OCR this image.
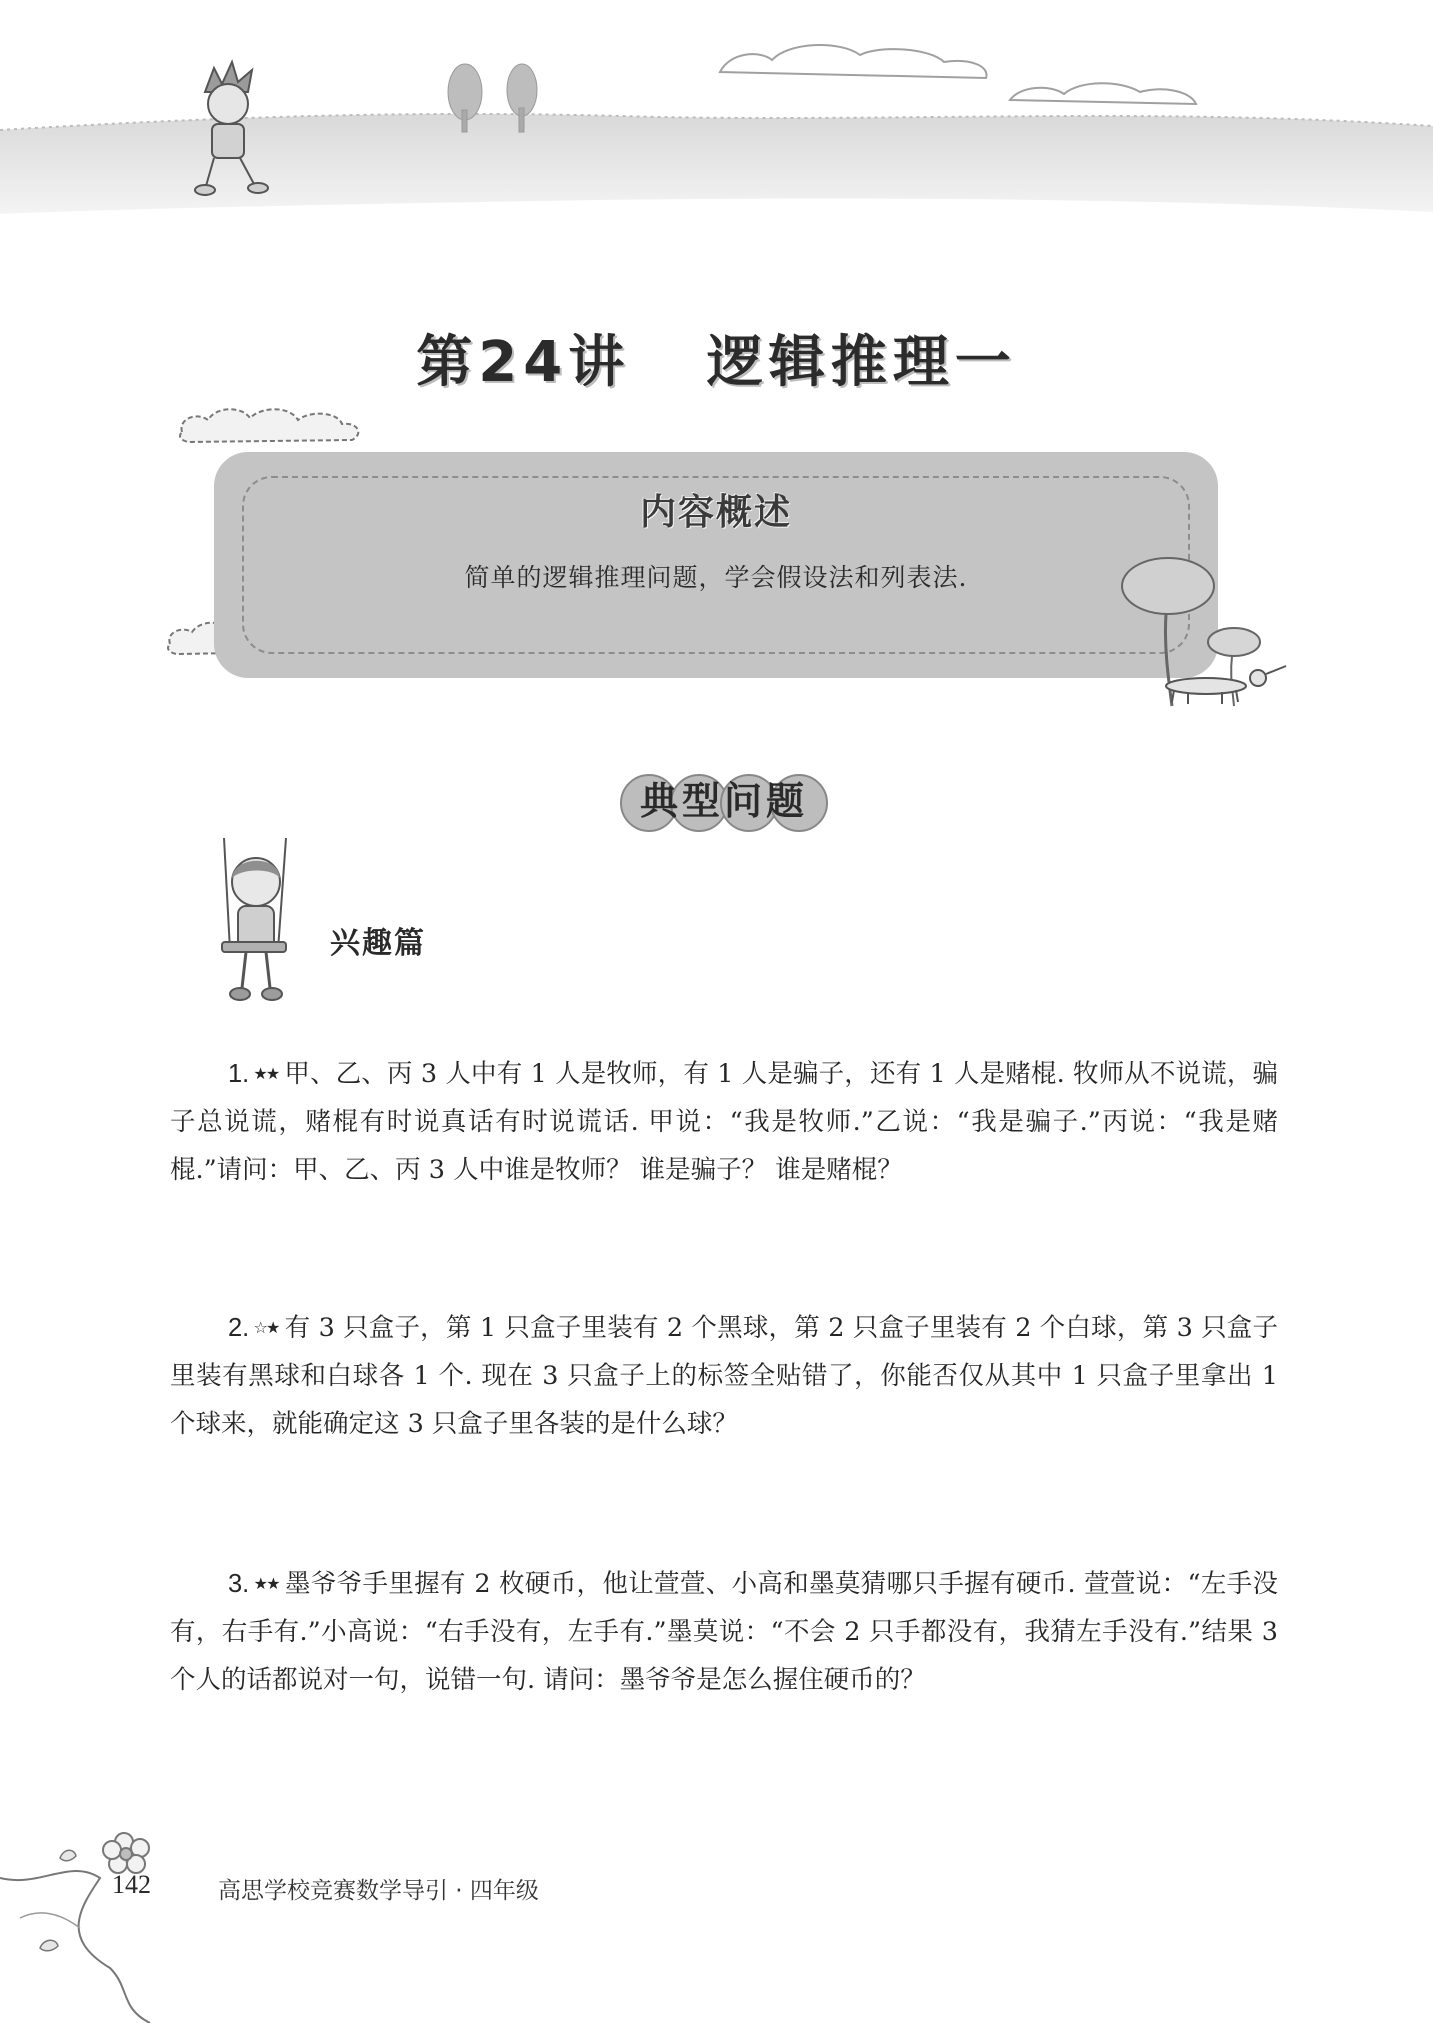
第24讲 逻辑推理一
内容概述
简单的逻辑推理问题，学会假设法和列表法.
典型问题
兴趣篇
1. ★★ 甲、乙、丙 3 人中有 1 人是牧师，有 1 人是骗子，还有 1 人是赌棍. 牧师从不说谎，骗子总说谎，赌棍有时说真话有时说谎话. 甲说：“我是牧师.”乙说：“我是骗子.”丙说：“我是赌棍.”请问：甲、乙、丙 3 人中谁是牧师？ 谁是骗子？ 谁是赌棍？
2. ☆★ 有 3 只盒子，第 1 只盒子里装有 2 个黑球，第 2 只盒子里装有 2 个白球，第 3 只盒子里装有黑球和白球各 1 个. 现在 3 只盒子上的标签全贴错了，你能否仅从其中 1 只盒子里拿出 1 个球来，就能确定这 3 只盒子里各装的是什么球？
3. ★★ 墨爷爷手里握有 2 枚硬币，他让萱萱、小高和墨莫猜哪只手握有硬币. 萱萱说：“左手没有，右手有.”小高说：“右手没有，左手有.”墨莫说：“不会 2 只手都没有，我猜左手没有.”结果 3 个人的话都说对一句，说错一句. 请问：墨爷爷是怎么握住硬币的？
142	高思学校竞赛数学导引 · 四年级
